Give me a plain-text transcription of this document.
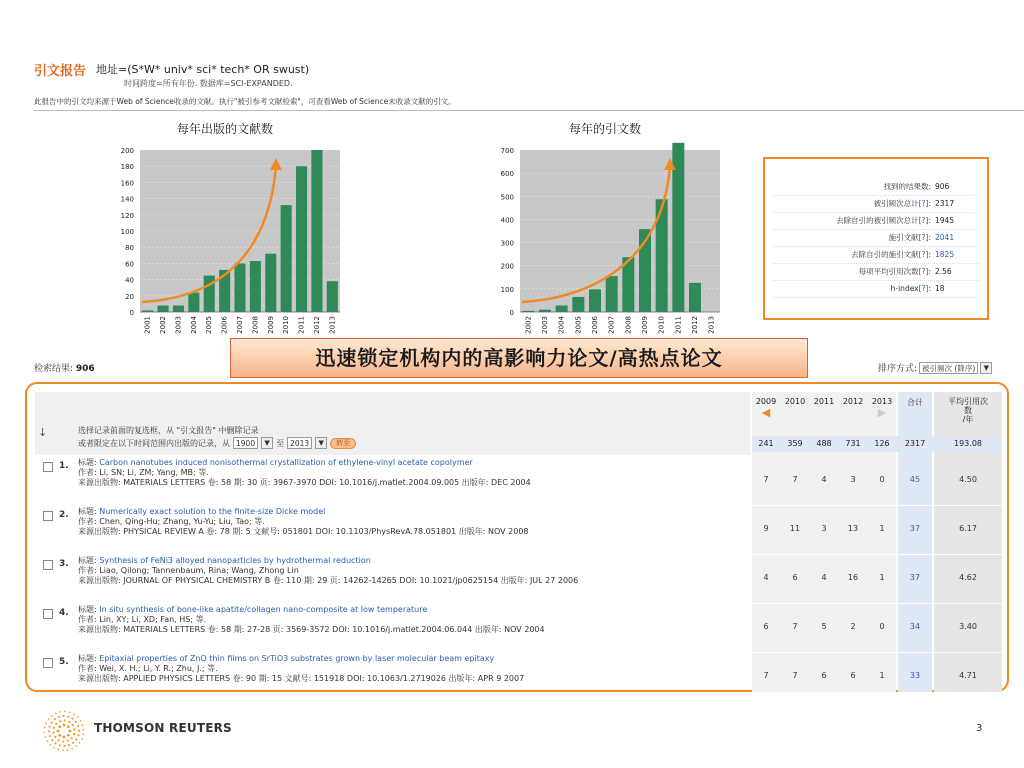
引文报告 地址=(S*W* univ* sci* tech* OR swust)
时间跨度=所有年份. 数据库=SCI-EXPANDED.
此报告中的引文均来源于Web of Science收录的文献。执行"被引参考文献检索"，可查看Web of Science未收录文献的引文。
每年出版的文献数	每年的引文数
0
20
40
60
80
100
120
140
160
180
200
2001 2002 2003 2004 2005 2006 2007 2008 2009 2010 2011 2012 2013
0
100
200
300
400
500
600
700
2002 2003 2004 2005 2006 2007 2008 2009 2010 2011 2012 2013
找到的结果数: 906
被引频次总计[?]: 2317
去除自引的被引频次总计[?]: 1945
施引文献[?]: 2041
去除自引的施引文献[?]: 1825
每项平均引用次数[?]: 2.56
h-index[?]: 18
迅速锁定机构内的高影响力论文/高热点论文
检索结果: 906	排序方式: 被引频次 (降序)	▼
↓	选择记录前面的复选框，从 "引文报告" 中删除记录
或者限定在以下时间范围内出版的记录，从 1900	▼ 至 2013	▼	转至
2009	2010	2011	2012	2013
◀	▶
合计	平均引用次
数
/年
241	359	488	731	126	2317	193.08
1. 标题: Carbon nanotubes induced nonisothermal crystallization of ethylene-vinyl acetate copolymer
作者: Li, SN; Li, ZM; Yang, MB; 等.
来源出版物: MATERIALS LETTERS 卷: 58 期: 30 页: 3967-3970 DOI: 10.1016/j.matlet.2004.09.005 出版年: DEC 2004	7	7	4	3	0	45	4.50
2. 标题: Numerically exact solution to the finite-size Dicke model
作者: Chen, Qing-Hu; Zhang, Yu-Yu; Liu, Tao; 等.
来源出版物: PHYSICAL REVIEW A 卷: 78 期: 5 文献号: 051801 DOI: 10.1103/PhysRevA.78.051801 出版年: NOV 2008	9	11	3	13	1	37	6.17
3. 标题: Synthesis of FeNi3 alloyed nanoparticles by hydrothermal reduction
作者: Liao, Qilong; Tannenbaum, Rina; Wang, Zhong Lin
来源出版物: JOURNAL OF PHYSICAL CHEMISTRY B 卷: 110 期: 29 页: 14262-14265 DOI: 10.1021/jp0625154 出版年: JUL 27 2006	4	6	4	16	1	37	4.62
4. 标题: In situ synthesis of bone-like apatite/collagen nano-composite at low temperature
作者: Lin, XY; Li, XD; Fan, HS; 等.
来源出版物: MATERIALS LETTERS 卷: 58 期: 27-28 页: 3569-3572 DOI: 10.1016/j.matlet.2004.06.044 出版年: NOV 2004	6	7	5	2	0	34	3.40
5. 标题: Epitaxial properties of ZnO thin films on SrTiO3 substrates grown by laser molecular beam epitaxy
作者: Wei, X. H.; Li, Y. R.; Zhu, J.; 等.
来源出版物: APPLIED PHYSICS LETTERS 卷: 90 期: 15 文献号: 151918 DOI: 10.1063/1.2719026 出版年: APR 9 2007	7	7	6	6	1	33	4.71
THOMSON REUTERS	3
